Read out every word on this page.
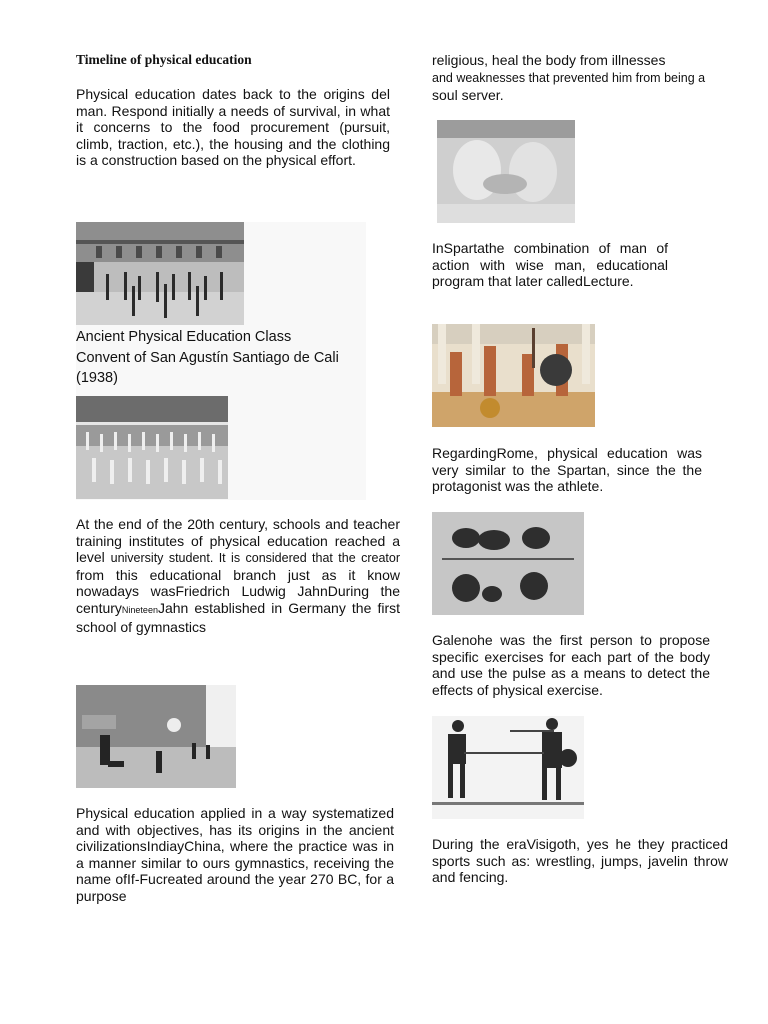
Timeline of physical education

Physical education dates back to the origins del man. Respond initially a needs of survival, in what it concerns to the food procurement (pursuit, climb, traction, etc.), the housing and the clothing is a construction based on the physical effort.

Ancient Physical Education Class
Convent of San Agustín Santiago de Cali
(1938)

At the end of the 20th century, schools and teacher training institutes of physical education reached a level university student. It is considered that the creator from this educational branch just as it know nowadays wasFriedrich Ludwig JahnDuring the centuryNineteenJahn established in Germany the first school of gymnastics

Physical education applied in a way systematized and with objectives, has its origins in the ancient civilizationsIndiayChina, where the practice was in a manner similar to ours gymnastics, receiving the name ofIf-Fucreated around the year 270 BC, for a purpose

religious, heal the body from illnesses
and weaknesses that prevented him from being a
soul server.

InSpartathe combination of man of action with wise man, educational program that later calledLecture.

RegardingRome, physical education was very similar to the Spartan, since the the protagonist was the athlete.

Galenohe was the first person to propose specific exercises for each part of the body and use the pulse as a means to detect the effects of physical exercise.

During the eraVisigoth, yes he they practiced sports such as: wrestling, jumps, javelin throw and fencing.
